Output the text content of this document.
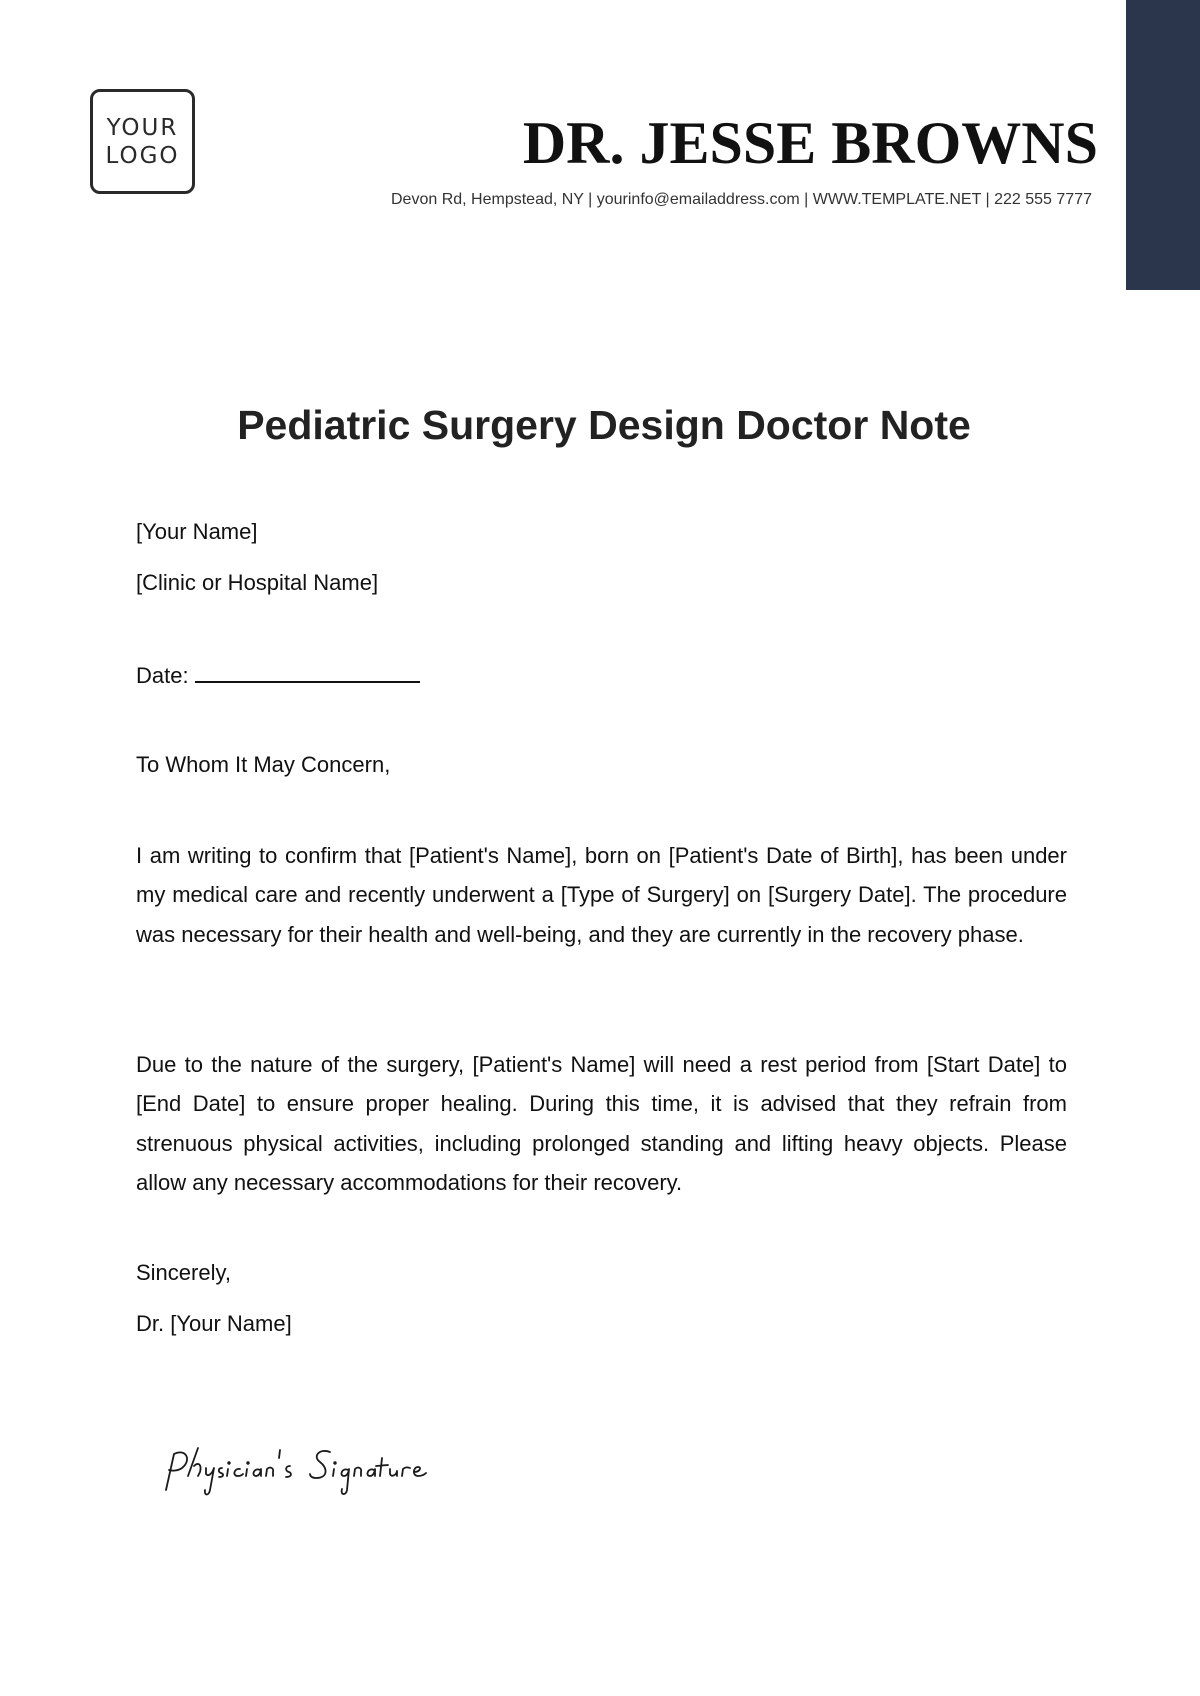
YOUR
LOGO	DR. JESSE BROWNS
Devon Rd, Hempstead, NY | yourinfo@emailaddress.com | WWW.TEMPLATE.NET | 222 555 7777
Pediatric Surgery Design Doctor Note
[Your Name]
[Clinic or Hospital Name]
Date:
To Whom It May Concern,

I am writing to confirm that [Patient's Name], born on [Patient's Date of Birth], has been under my medical care and recently underwent a [Type of Surgery] on [Surgery Date]. The procedure was necessary for their health and well-being, and they are currently in the recovery phase.

Due to the nature of the surgery, [Patient's Name] will need a rest period from [Start Date] to [End Date] to ensure proper healing. During this time, it is advised that they refrain from strenuous physical activities, including prolonged standing and lifting heavy objects. Please allow any necessary accommodations for their recovery.

Sincerely,
Dr. [Your Name]
